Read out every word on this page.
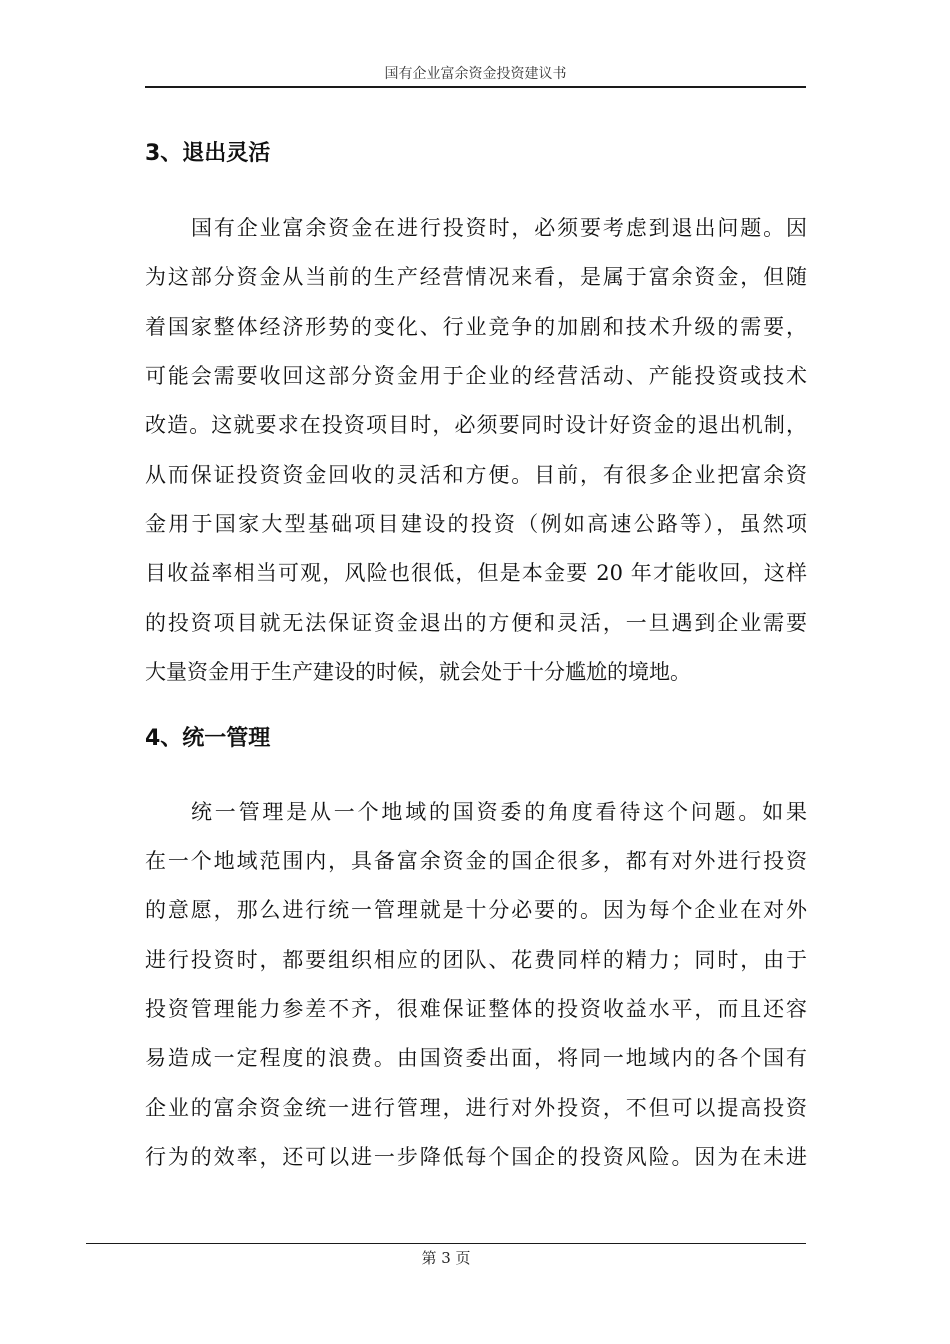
国有企业富余资金投资建议书
3、退出灵活
国有企业富余资金在进行投资时，必须要考虑到退出问题。因
为这部分资金从当前的生产经营情况来看，是属于富余资金，但随
着国家整体经济形势的变化、行业竞争的加剧和技术升级的需要，
可能会需要收回这部分资金用于企业的经营活动、产能投资或技术
改造。这就要求在投资项目时，必须要同时设计好资金的退出机制，
从而保证投资资金回收的灵活和方便。目前，有很多企业把富余资
金用于国家大型基础项目建设的投资（例如高速公路等），虽然项
目收益率相当可观，风险也很低，但是本金要 20 年才能收回，这样
的投资项目就无法保证资金退出的方便和灵活，一旦遇到企业需要
大量资金用于生产建设的时候，就会处于十分尴尬的境地。
4、统一管理
统一管理是从一个地域的国资委的角度看待这个问题。如果
在一个地域范围内，具备富余资金的国企很多，都有对外进行投资
的意愿，那么进行统一管理就是十分必要的。因为每个企业在对外
进行投资时，都要组织相应的团队、花费同样的精力；同时，由于
投资管理能力参差不齐，很难保证整体的投资收益水平，而且还容
易造成一定程度的浪费。由国资委出面，将同一地域内的各个国有
企业的富余资金统一进行管理，进行对外投资，不但可以提高投资
行为的效率，还可以进一步降低每个国企的投资风险。因为在未进
第 3 页
